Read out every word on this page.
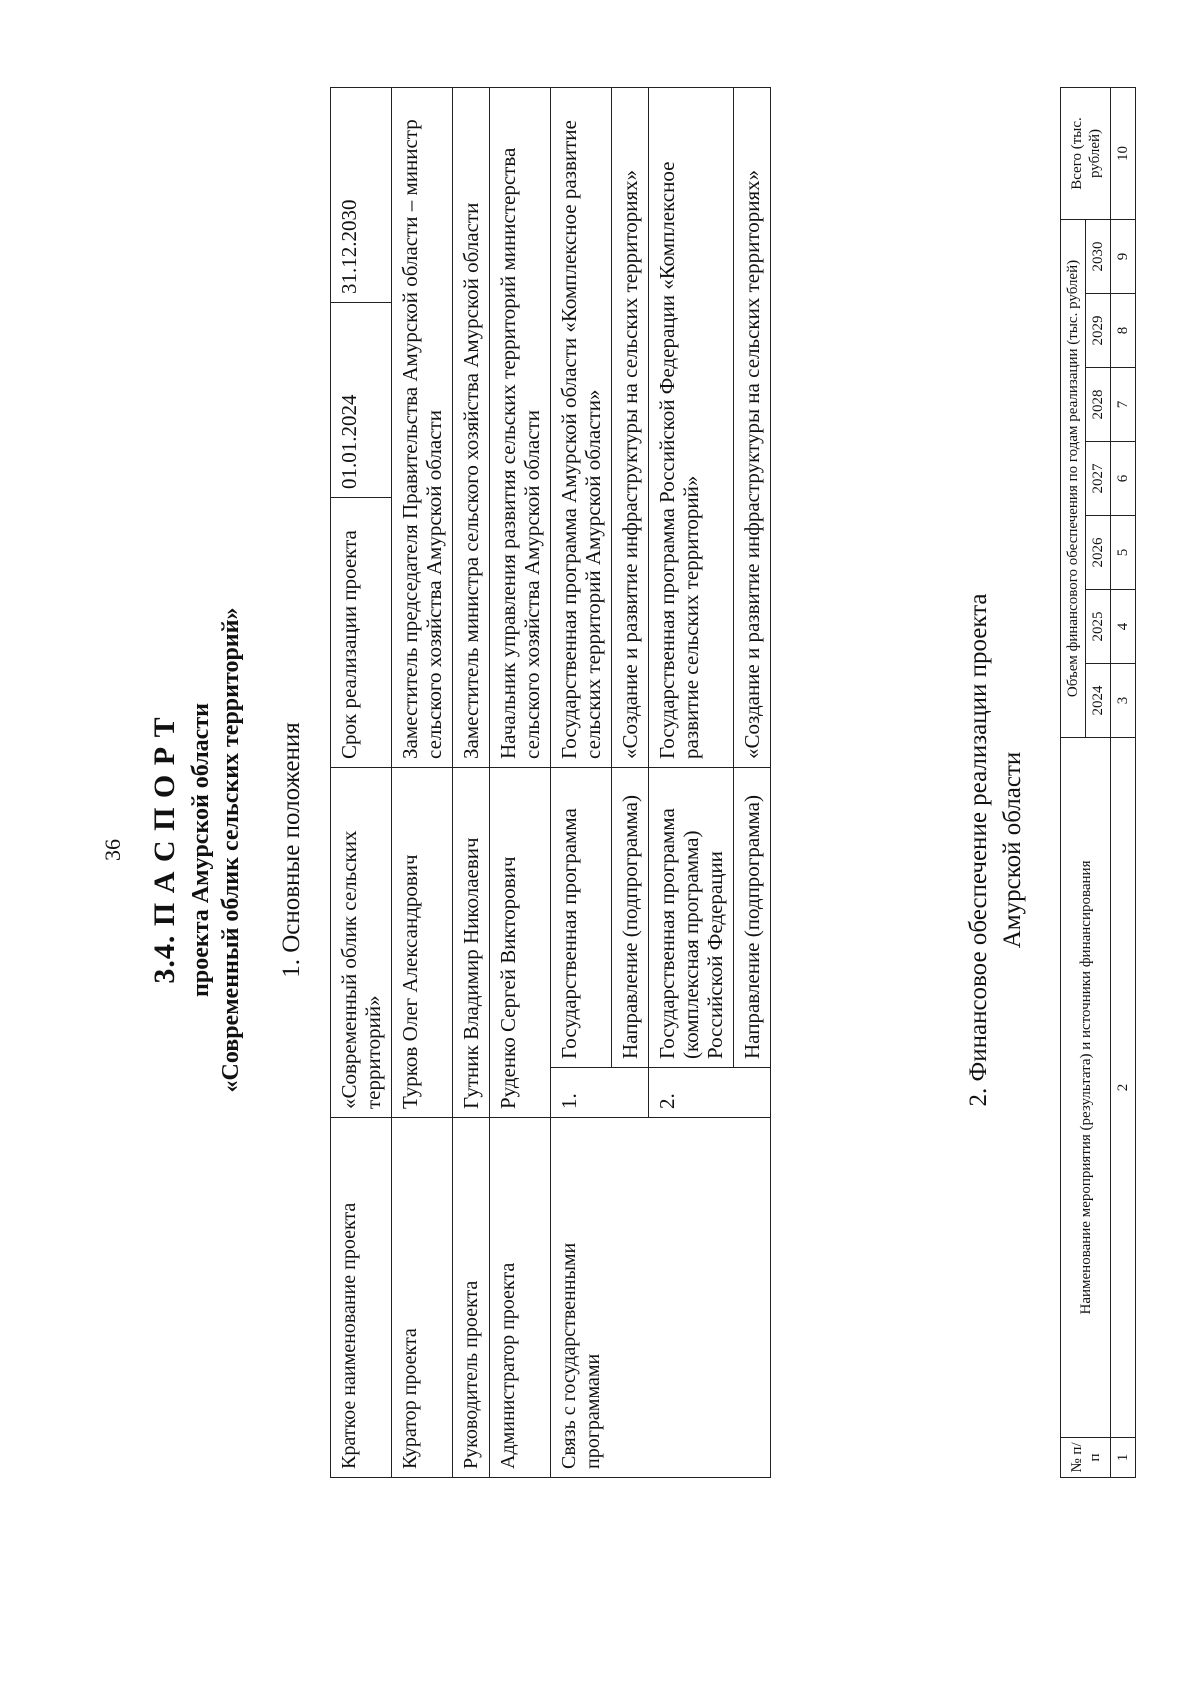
36 3.4. П А С П О Р Т проекта Амурской области «Современный облик сельских территорий» 1. Основные положения
Краткое наименование проекта	«Современный облик сельских территорий»		Срок реализации проекта	01.01.2024	31.12.2030
Куратор проекта	Турков Олег Александрович		Заместитель председателя Правительства Амурской области – министр сельского хозяйства Амурской области		
Руководитель проекта	Гутник Владимир Николаевич		Заместитель министра сельского хозяйства Амурской области		
Администратор проекта	Руденко Сергей Викторович		Начальник управления развития сельских территорий министерства сельского хозяйства Амурской области		
Связь с государственными программами	1.	Государственная программа	Государственная программа Амурской области «Комплексное развитие сельских территорий Амурской области»		
		Направление (подпрограмма)	«Создание и развитие инфраструктуры на сельских территориях»		
	2.	Государственная программа (комплексная программа) Российской Федерации	Государственная программа Российской Федерации «Комплексное развитие сельских территорий»		
		Направление (подпрограмма)	«Создание и развитие инфраструктуры на сельских территориях»		
2. Финансовое обеспечение реализации проекта Амурской области
№ п/п	Наименование мероприятия (результата) и источники финансирования	Объем финансового обеспечения по годам реализации (тыс. рублей)							Всего (тыс. рублей)
		2024	2025	2026	2027	2028	2029	2030	
1	2	3	4	5	6	7	8	9	10
